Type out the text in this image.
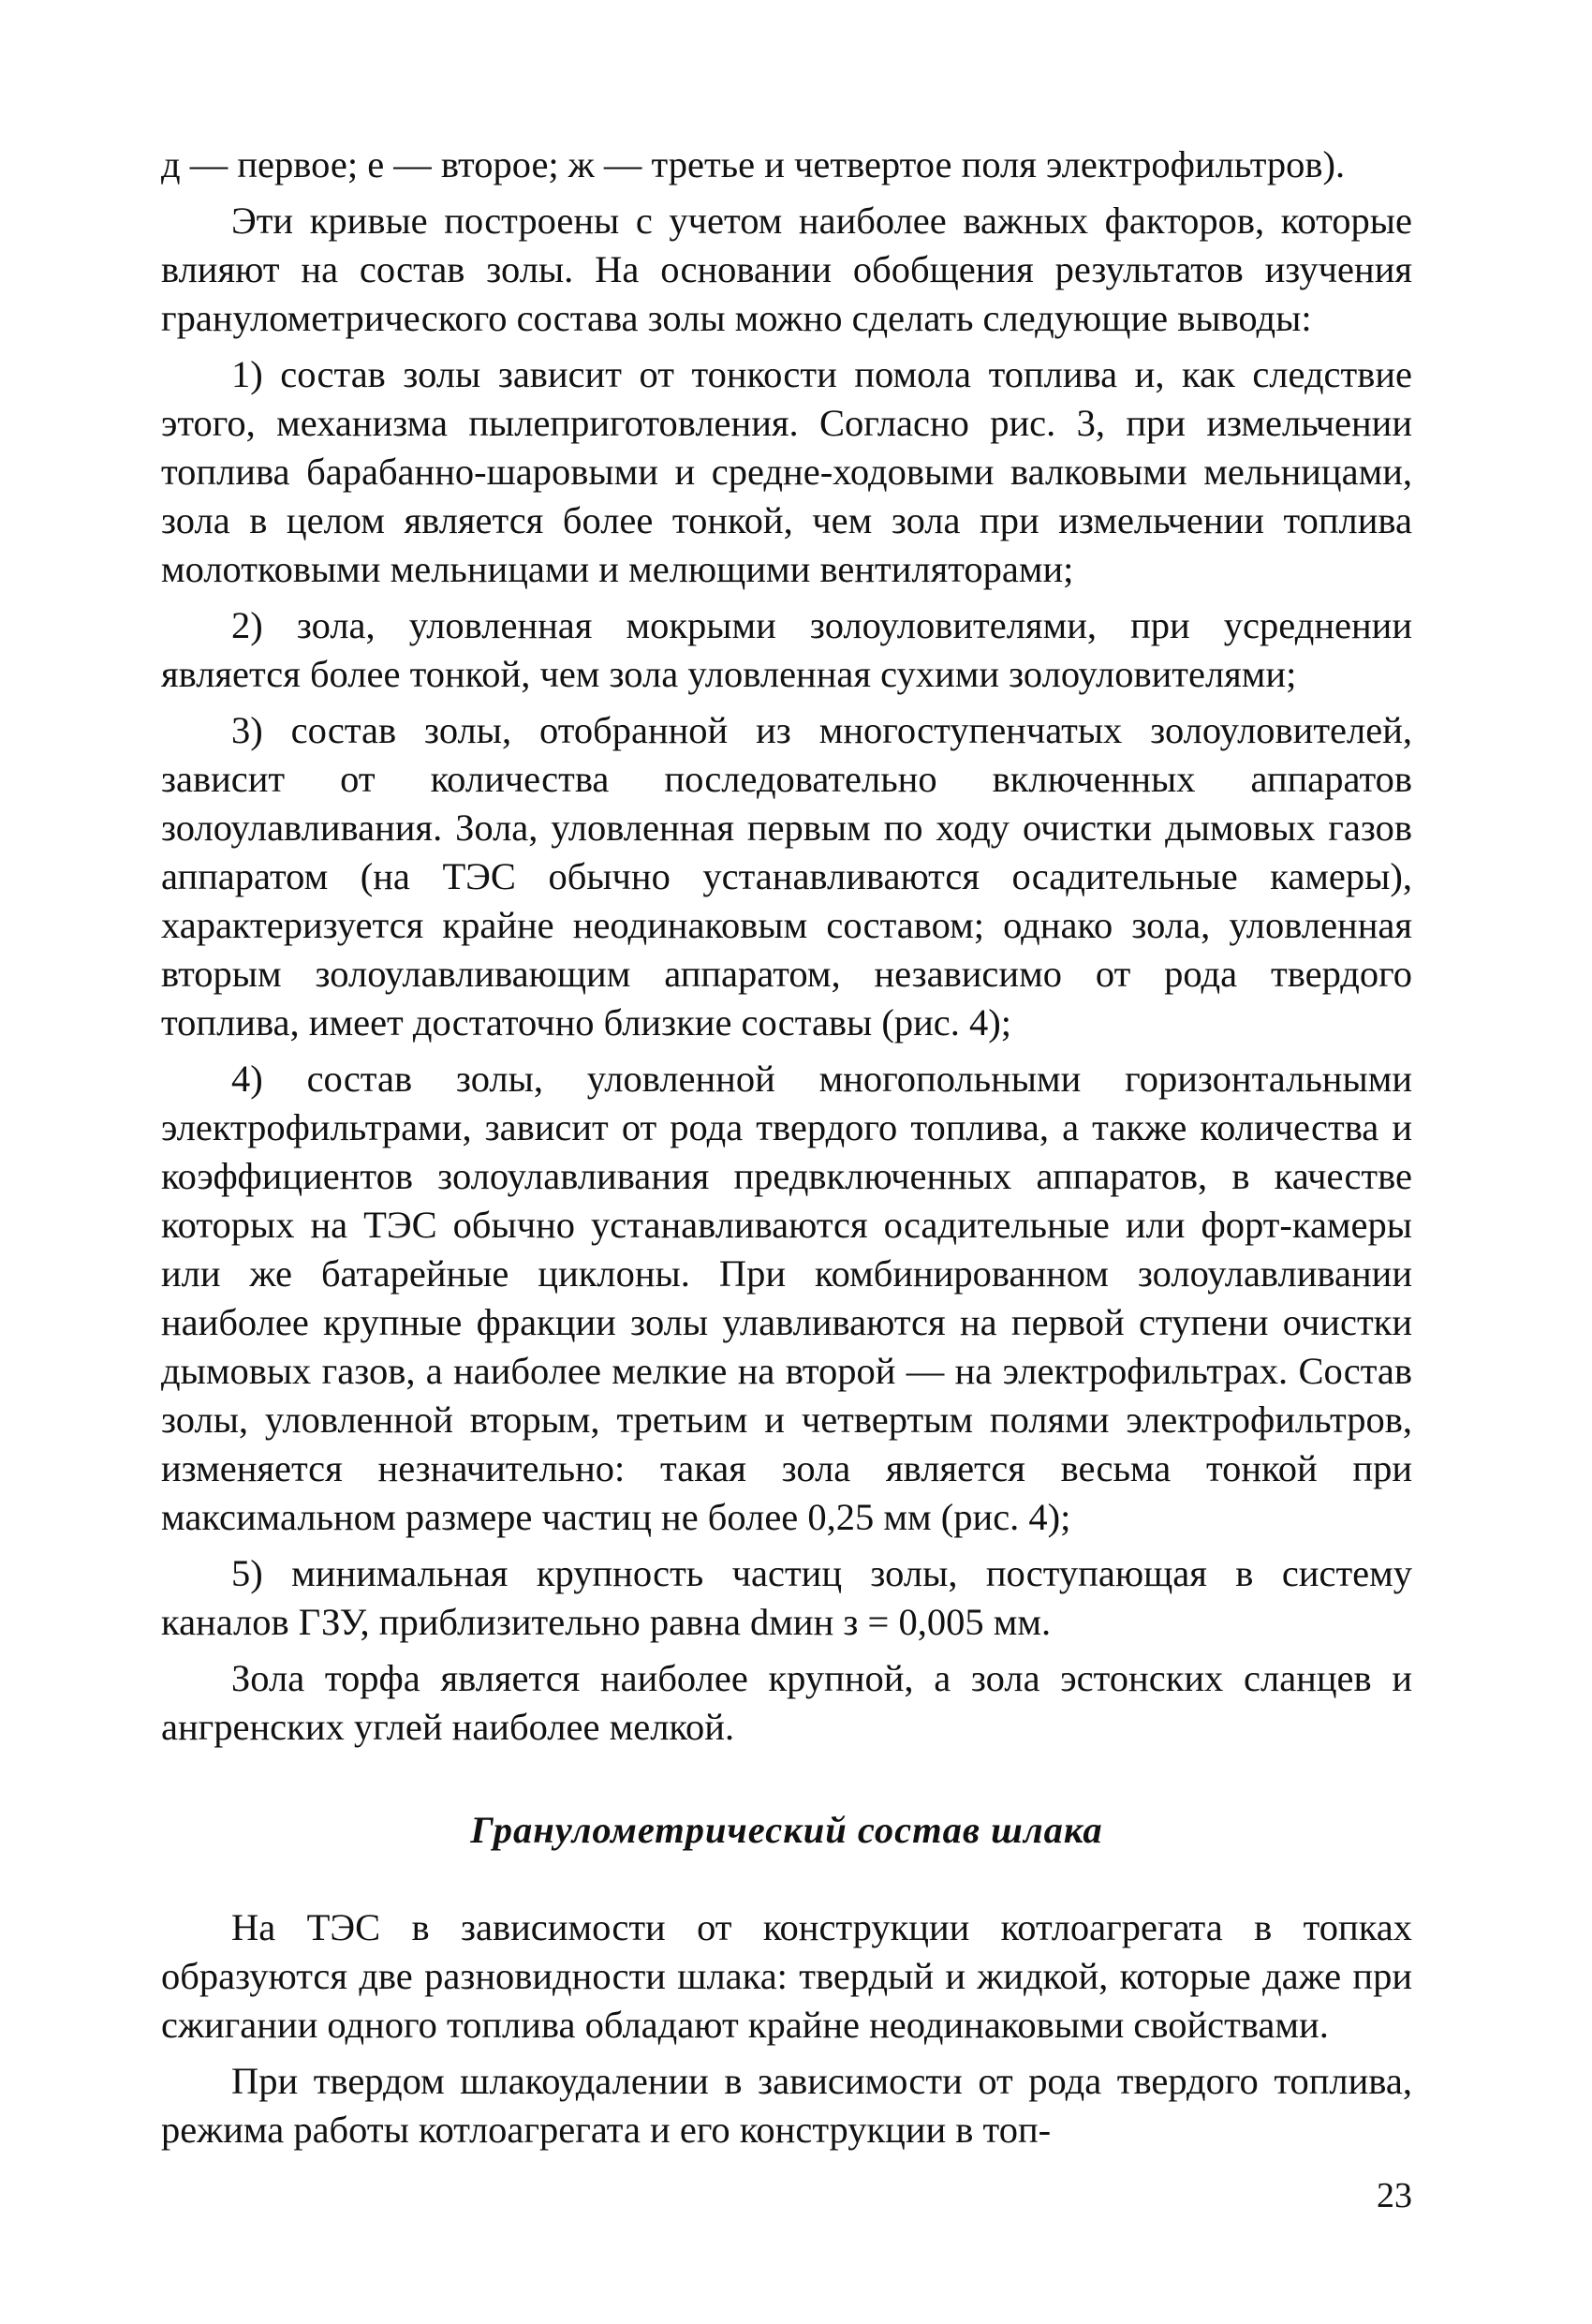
д — первое; е — второе; ж — третье и четвертое поля электрофильтров).

Эти кривые построены с учетом наиболее важных факторов, которые влияют на состав золы. На основании обобщения результатов изучения гранулометрического состава золы можно сделать следующие выводы:

1) состав золы зависит от тонкости помола топлива и, как следствие этого, механизма пылеприготовления. Согласно рис. 3, при измельчении топлива барабанно-шаровыми и средне-ходовыми валковыми мельницами, зола в целом является более тонкой, чем зола при измельчении топлива молотковыми мельницами и мелющими вентиляторами;

2) зола, уловленная мокрыми золоуловителями, при усреднении является более тонкой, чем зола уловленная сухими золоуловителями;

3) состав золы, отобранной из многоступенчатых золоуловителей, зависит от количества последовательно включенных аппаратов золоулавливания. Зола, уловленная первым по ходу очистки дымовых газов аппаратом (на ТЭС обычно устанавливаются осадительные камеры), характеризуется крайне неодинаковым составом; однако зола, уловленная вторым золоулавливающим аппаратом, независимо от рода твердого топлива, имеет достаточно близкие составы (рис. 4);

4) состав золы, уловленной многопольными горизонтальными электрофильтрами, зависит от рода твердого топлива, а также количества и коэффициентов золоулавливания предвключенных аппаратов, в качестве которых на ТЭС обычно устанавливаются осадительные или форт-камеры или же батарейные циклоны. При комбинированном золоулавливании наиболее крупные фракции золы улавливаются на первой ступени очистки дымовых газов, а наиболее мелкие на второй — на электрофильтрах. Состав золы, уловленной вторым, третьим и четвертым полями электрофильтров, изменяется незначительно: такая зола является весьма тонкой при максимальном размере частиц не более 0,25 мм (рис. 4);

5) минимальная крупность частиц золы, поступающая в систему каналов ГЗУ, приблизительно равна dмин з = 0,005 мм.

Зола торфа является наиболее крупной, а зола эстонских сланцев и ангренских углей наиболее мелкой.

Гранулометрический состав шлака

На ТЭС в зависимости от конструкции котлоагрегата в топках образуются две разновидности шлака: твердый и жидкой, которые даже при сжигании одного топлива обладают крайне неодинаковыми свойствами.

При твердом шлакоудалении в зависимости от рода твердого топлива, режима работы котлоагрегата и его конструкции в топ-

23
